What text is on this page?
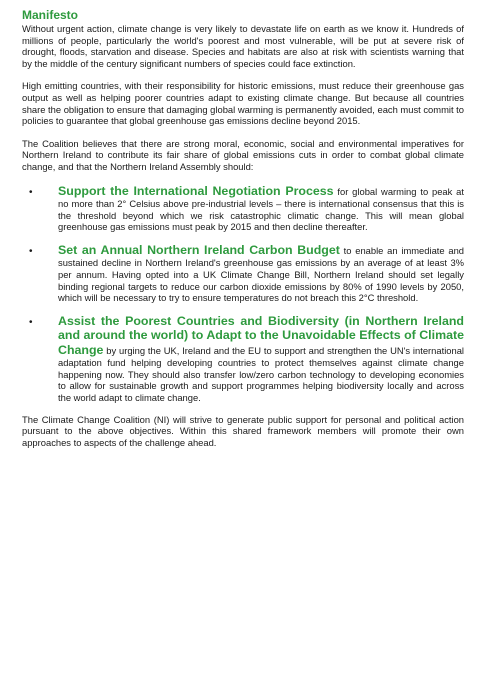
Manifesto

Without urgent action, climate change is very likely to devastate life on earth as we know it. Hundreds of millions of people, particularly the world's poorest and most vulnerable, will be put at severe risk of drought, floods, starvation and disease. Species and habitats are also at risk with scientists warning that by the middle of the century significant numbers of species could face extinction.

High emitting countries, with their responsibility for historic emissions, must reduce their greenhouse gas output as well as helping poorer countries adapt to existing climate change. But because all countries share the obligation to ensure that damaging global warming is permanently avoided, each must commit to policies to guarantee that global greenhouse gas emissions decline beyond 2015.

The Coalition believes that there are strong moral, economic, social and environmental imperatives for Northern Ireland to contribute its fair share of global emissions cuts in order to combat global climate change, and that the Northern Ireland Assembly should:

• Support the International Negotiation Process for global warming to peak at no more than 2° Celsius above pre-industrial levels – there is international consensus that this is the threshold beyond which we risk catastrophic climatic change. This will mean global greenhouse gas emissions must peak by 2015 and then decline thereafter.
• Set an Annual Northern Ireland Carbon Budget to enable an immediate and sustained decline in Northern Ireland's greenhouse gas emissions by an average of at least 3% per annum. Having opted into a UK Climate Change Bill, Northern Ireland should set legally binding regional targets to reduce our carbon dioxide emissions by 80% of 1990 levels by 2050, which will be necessary to try to ensure temperatures do not breach this 2°C threshold.
• Assist the Poorest Countries and Biodiversity (in Northern Ireland and around the world) to Adapt to the Unavoidable Effects of Climate Change by urging the UK, Ireland and the EU to support and strengthen the UN's international adaptation fund helping developing countries to protect themselves against climate change happening now. They should also transfer low/zero carbon technology to developing economies to allow for sustainable growth and support programmes helping biodiversity locally and across the world adapt to climate change.

The Climate Change Coalition (NI) will strive to generate public support for personal and political action pursuant to the above objectives. Within this shared framework members will promote their own approaches to aspects of the challenge ahead.
